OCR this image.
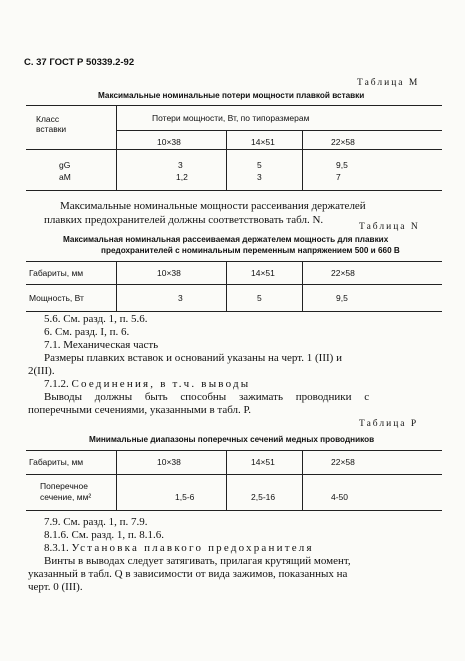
С. 37 ГОСТ Р 50339.2-92
Таблица М
Максимальные номинальные потери мощности плавкой вставки
Класс
вставки
Потери мощности, Вт, по типоразмерам
10×38	14×51	22×58
gG	3	5	9,5
aM	1,2	3	7
Максимальные номинальные мощности рассеивания держателей
плавких предохранителей должны соответствовать табл. N.
Таблица N
Максимальная номинальная рассеиваемая держателем мощность для плавких
предохранителей с номинальным переменным напряжением 500 и 660 В
Габариты, мм	10×38	14×51	22×58
Мощность, Вт	3	5	9,5
5.6. См. разд. 1, п. 5.6.
6. См. разд. I, п. 6.
7.1. Механическая часть
Размеры плавких вставок и оснований указаны на черт. 1 (III) и
2(III).
7.1.2. Соединения, в т.ч. выводы
Выводы должны быть способны зажимать проводники с
поперечными сечениями, указанными в табл. Р.
Таблица Р
Минимальные диапазоны поперечных сечений медных проводников
Габариты, мм	10×38	14×51	22×58
Поперечное
сечение, мм²	1,5-6	2,5-16	4-50
7.9. См. разд. 1, п. 7.9.
8.1.6. См. разд. 1, п. 8.1.6.
8.3.1. Установка плавкого предохранителя
Винты в выводах следует затягивать, прилагая крутящий момент,
указанный в табл. Q в зависимости от вида зажимов, показанных на
черт. 0 (III).
